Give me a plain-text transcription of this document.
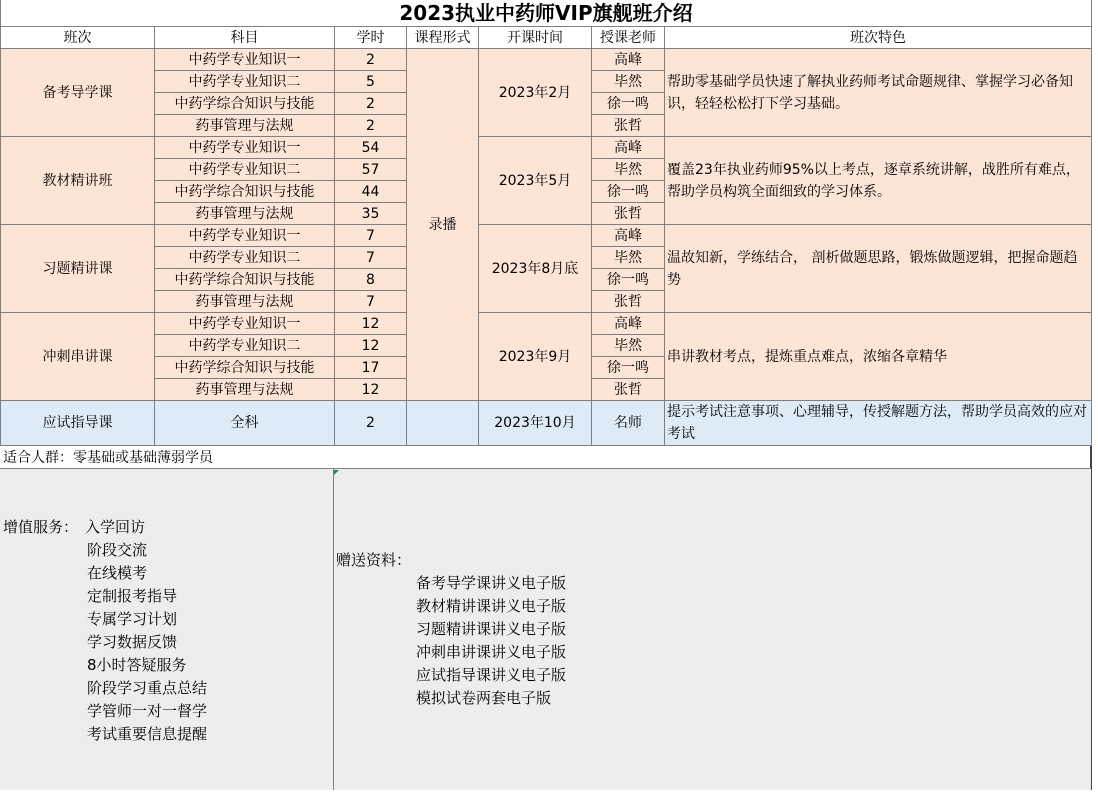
2023执业中药师VIP旗舰班介绍						
班次	科目	学时	课程形式	开课时间	授课老师	班次特色
备考导学课	中药学专业知识一	2	录播	2023年2月	高峰	帮助零基础学员快速了解执业药师考试命题规律、掌握学习必备知识，轻轻松松打下学习基础。
	中药学专业知识二	5			毕然	
	中药学综合知识与技能	2			徐一鸣	
	药事管理与法规	2			张哲	
教材精讲班	中药学专业知识一	54		2023年5月	高峰	覆盖23年执业药师95%以上考点，逐章系统讲解，战胜所有难点，帮助学员构筑全面细致的学习体系。
	中药学专业知识二	57			毕然	
	中药学综合知识与技能	44			徐一鸣	
	药事管理与法规	35			张哲	
习题精讲课	中药学专业知识一	7		2023年8月底	高峰	温故知新，学练结合， 剖析做题思路，锻炼做题逻辑，把握命题趋势
	中药学专业知识二	7			毕然	
	中药学综合知识与技能	8			徐一鸣	
	药事管理与法规	7			张哲	
冲刺串讲课	中药学专业知识一	12		2023年9月	高峰	串讲教材考点，提炼重点难点，浓缩各章精华
	中药学专业知识二	12			毕然	
	中药学综合知识与技能	17			徐一鸣	
	药事管理与法规	12			张哲	
应试指导课	全科	2		2023年10月	名师	提示考试注意事项、心理辅导，传授解题方法，帮助学员高效的应对考试
适合人群：零基础或基础薄弱学员
增值服务： 入学回访
阶段交流
在线模考
定制报考指导
专属学习计划
学习数据反馈
8小时答疑服务
阶段学习重点总结
学管师一对一督学
考试重要信息提醒
赠送资料：
备考导学课讲义电子版
教材精讲课讲义电子版
习题精讲课讲义电子版
冲刺串讲课讲义电子版
应试指导课讲义电子版
模拟试卷两套电子版
